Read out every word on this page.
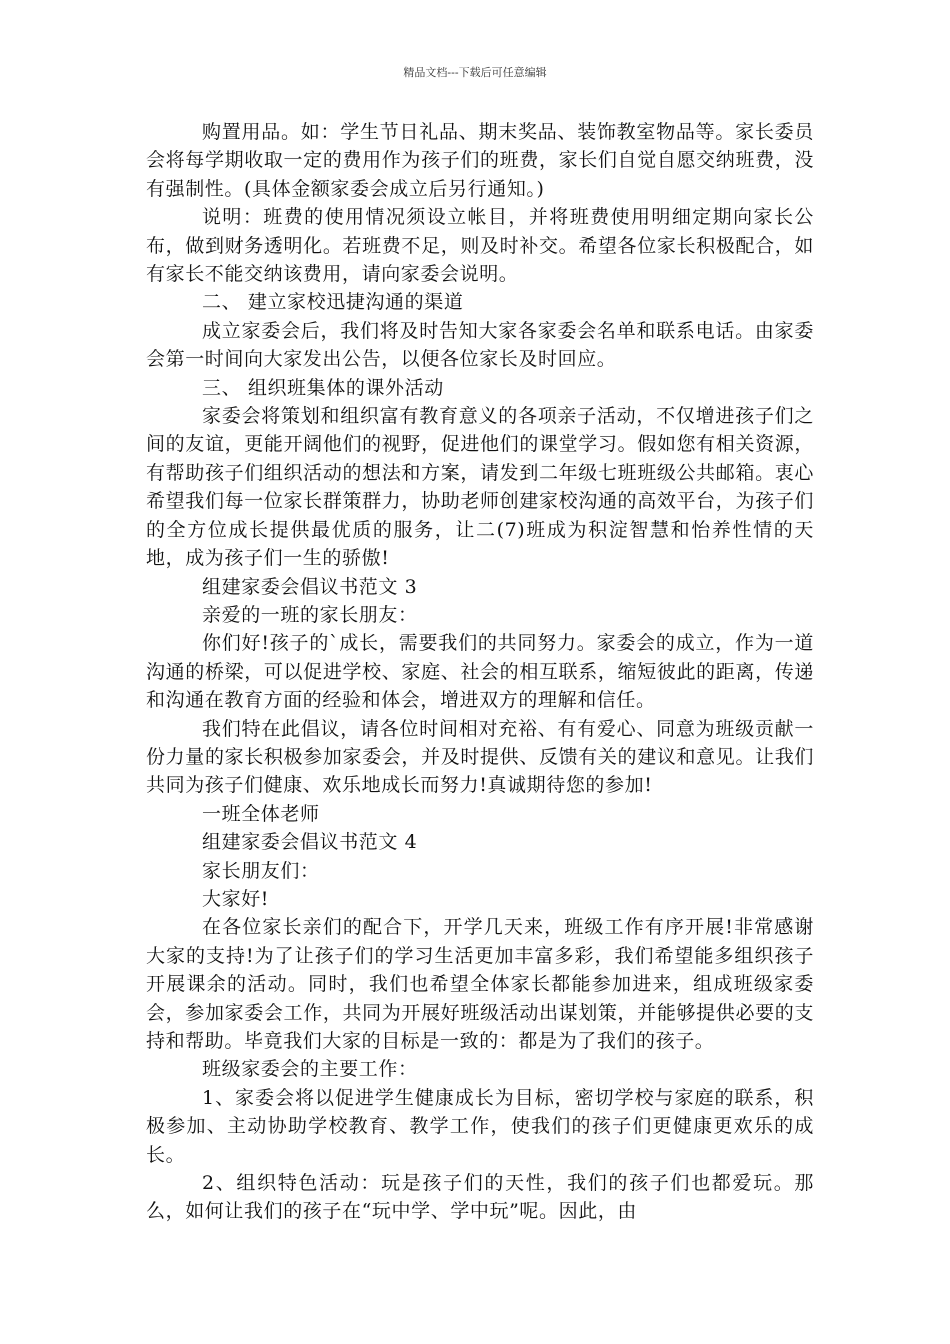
精品文档---下载后可任意编辑

购置用品。如：学生节日礼品、期末奖品、装饰教室物品等。家长委员会将每学期收取一定的费用作为孩子们的班费，家长们自觉自愿交纳班费，没有强制性。(具体金额家委会成立后另行通知。)

说明：班费的使用情况须设立帐目，并将班费使用明细定期向家长公布，做到财务透明化。若班费不足，则及时补交。希望各位家长积极配合，如有家长不能交纳该费用，请向家委会说明。

二、 建立家校迅捷沟通的渠道

成立家委会后，我们将及时告知大家各家委会名单和联系电话。由家委会第一时间向大家发出公告，以便各位家长及时回应。

三、 组织班集体的课外活动

家委会将策划和组织富有教育意义的各项亲子活动，不仅增进孩子们之间的友谊，更能开阔他们的视野，促进他们的课堂学习。假如您有相关资源，有帮助孩子们组织活动的想法和方案，请发到二年级七班班级公共邮箱。衷心希望我们每一位家长群策群力，协助老师创建家校沟通的高效平台，为孩子们的全方位成长提供最优质的服务，让二(7)班成为积淀智慧和怡养性情的天地，成为孩子们一生的骄傲!

组建家委会倡议书范文 3

亲爱的一班的家长朋友：

你们好!孩子的`成长，需要我们的共同努力。家委会的成立，作为一道沟通的桥梁，可以促进学校、家庭、社会的相互联系，缩短彼此的距离，传递和沟通在教育方面的经验和体会，增进双方的理解和信任。

我们特在此倡议，请各位时间相对充裕、有有爱心、同意为班级贡献一份力量的家长积极参加家委会，并及时提供、反馈有关的建议和意见。让我们共同为孩子们健康、欢乐地成长而努力!真诚期待您的参加!

一班全体老师

组建家委会倡议书范文 4

家长朋友们：

大家好!

在各位家长亲们的配合下，开学几天来，班级工作有序开展!非常感谢大家的支持!为了让孩子们的学习生活更加丰富多彩，我们希望能多组织孩子开展课余的活动。同时，我们也希望全体家长都能参加进来，组成班级家委会，参加家委会工作，共同为开展好班级活动出谋划策，并能够提供必要的支持和帮助。毕竟我们大家的目标是一致的：都是为了我们的孩子。

班级家委会的主要工作：

1、家委会将以促进学生健康成长为目标，密切学校与家庭的联系，积极参加、主动协助学校教育、教学工作，使我们的孩子们更健康更欢乐的成长。

2、组织特色活动：玩是孩子们的天性，我们的孩子们也都爱玩。那么，如何让我们的孩子在“玩中学、学中玩”呢。因此，由
